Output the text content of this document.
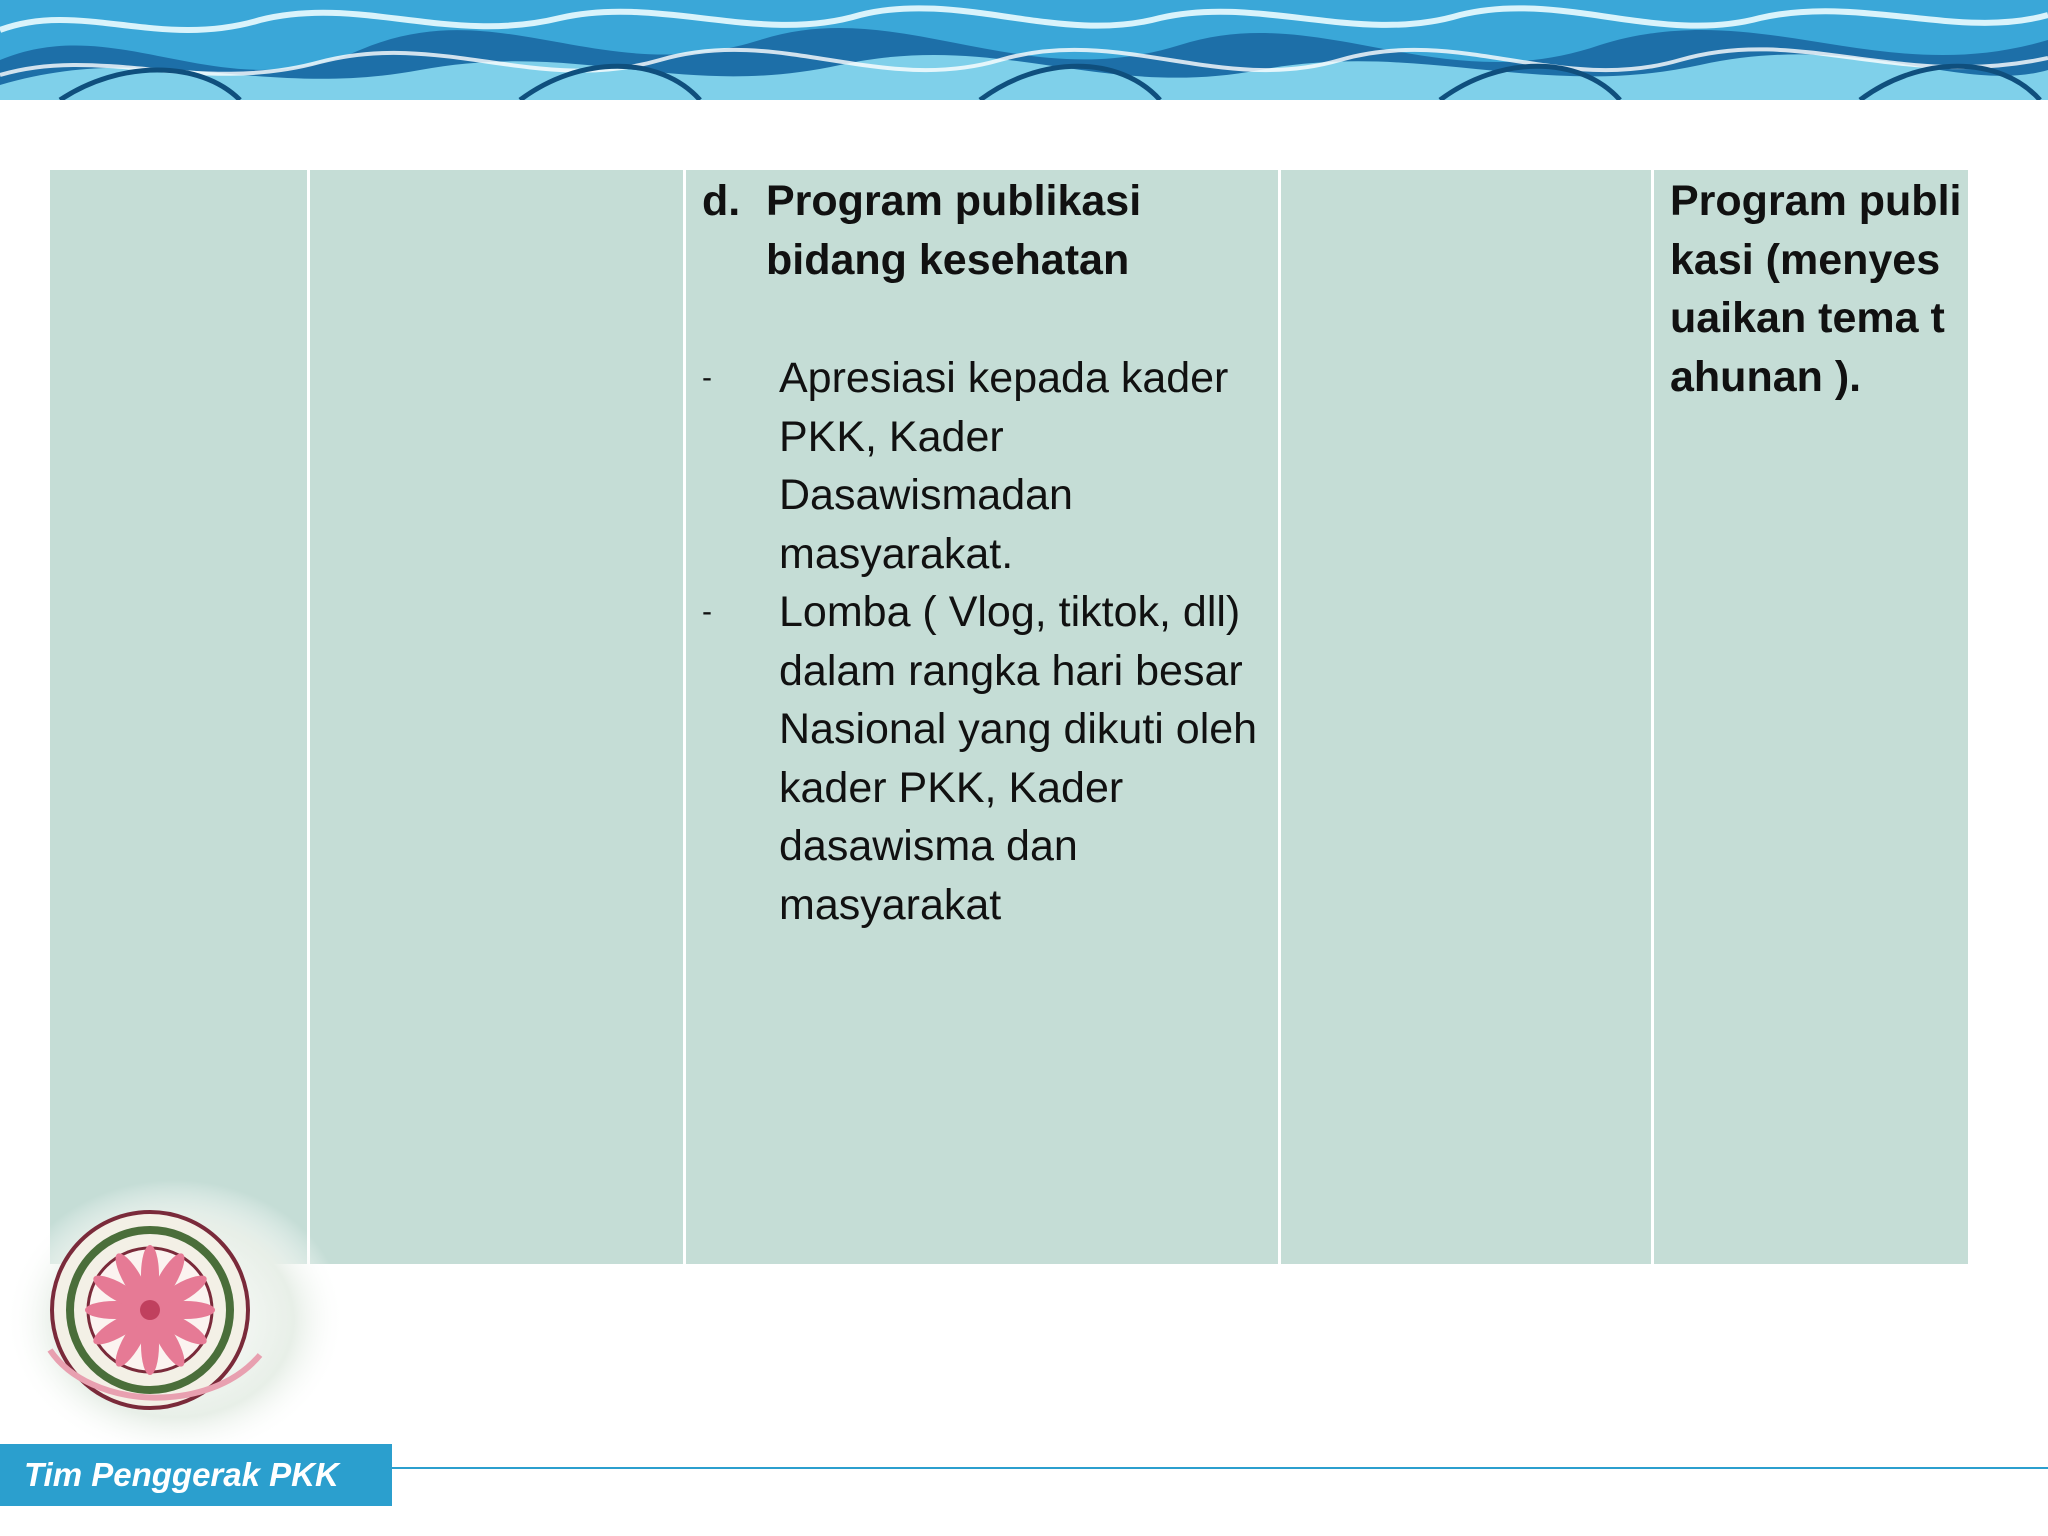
d. Program publikasi bidang kesehatan
-	Apresiasi kepada kader PKK, Kader Dasawismadan masyarakat.
-	Lomba ( Vlog, tiktok, dll) dalam rangka hari besar Nasional yang dikuti oleh kader PKK, Kader dasawisma dan masyarakat
Program publikasi (menyesuaikan tema tahunan ).
Tim Penggerak PKK
